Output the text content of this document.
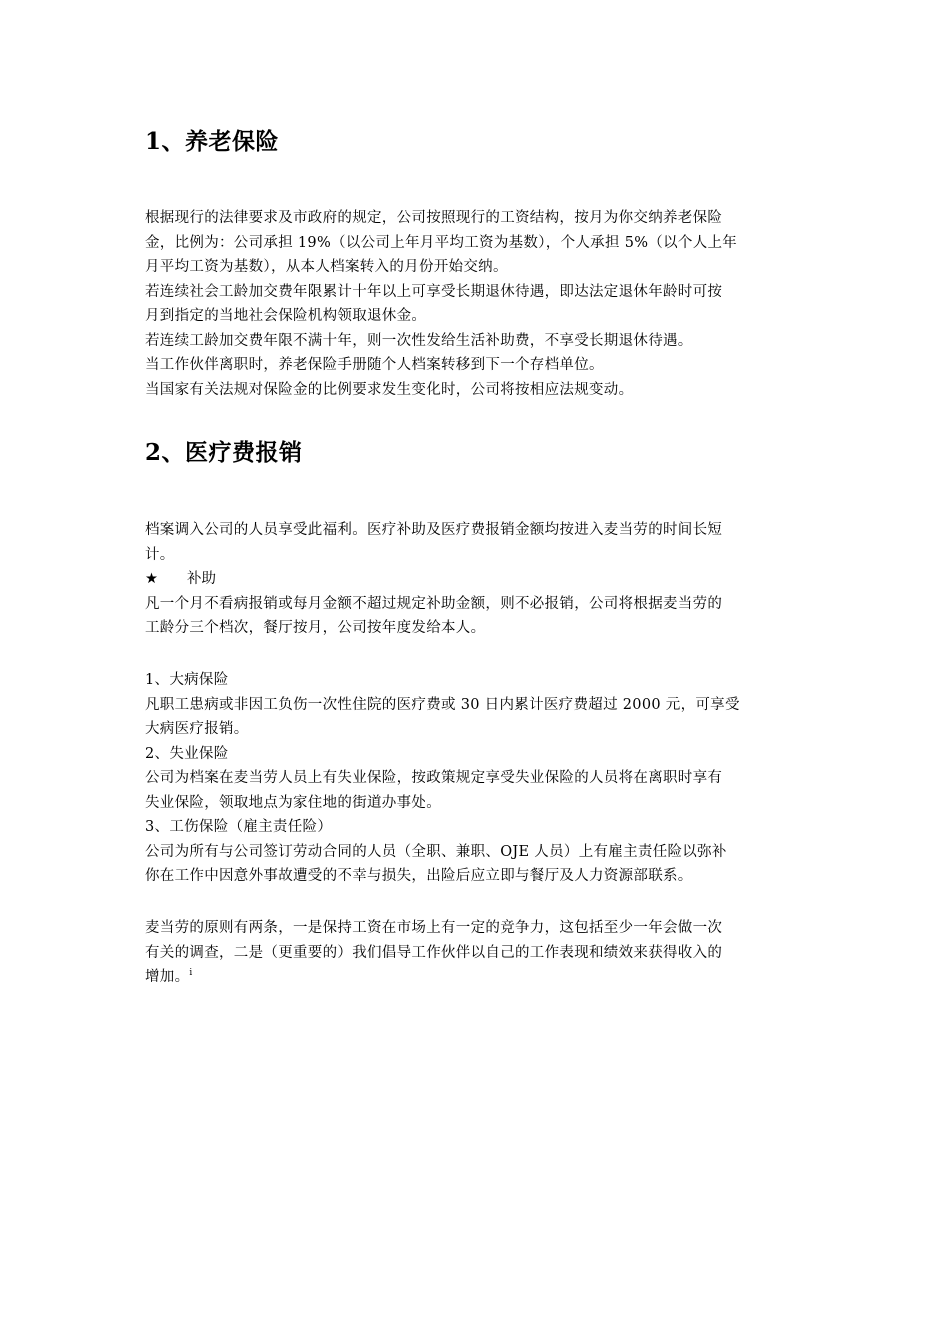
1、养老保险
根据现行的法律要求及市政府的规定，公司按照现行的工资结构，按月为你交纳养老保险
金，比例为：公司承担 19%（以公司上年月平均工资为基数），个人承担 5%（以个人上年
月平均工资为基数），从本人档案转入的月份开始交纳。
若连续社会工龄加交费年限累计十年以上可享受长期退休待遇，即达法定退休年龄时可按
月到指定的当地社会保险机构领取退休金。
若连续工龄加交费年限不满十年，则一次性发给生活补助费，不享受长期退休待遇。
当工作伙伴离职时，养老保险手册随个人档案转移到下一个存档单位。
当国家有关法规对保险金的比例要求发生变化时，公司将按相应法规变动。
2、医疗费报销
档案调入公司的人员享受此福利。医疗补助及医疗费报销金额均按进入麦当劳的时间长短
计。
★ 补助
凡一个月不看病报销或每月金额不超过规定补助金额，则不必报销，公司将根据麦当劳的
工龄分三个档次，餐厅按月，公司按年度发给本人。
1、大病保险
凡职工患病或非因工负伤一次性住院的医疗费或 30 日内累计医疗费超过 2000 元，可享受
大病医疗报销。
2、失业保险
公司为档案在麦当劳人员上有失业保险，按政策规定享受失业保险的人员将在离职时享有
失业保险，领取地点为家住地的街道办事处。
3、工伤保险（雇主责任险）
公司为所有与公司签订劳动合同的人员（全职、兼职、OJE 人员）上有雇主责任险以弥补
你在工作中因意外事故遭受的不幸与损失，出险后应立即与餐厅及人力资源部联系。
麦当劳的原则有两条，一是保持工资在市场上有一定的竞争力，这包括至少一年会做一次
有关的调查，二是（更重要的）我们倡导工作伙伴以自己的工作表现和绩效来获得收入的
增加。$^i$
